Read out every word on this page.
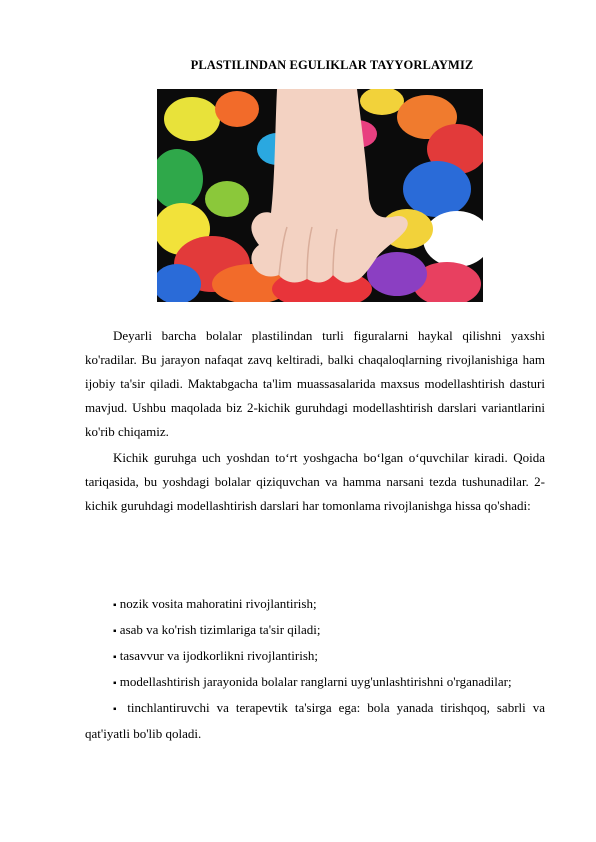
PLASTILINDAN EGULIKLAR TAYYORLAYMIZ

Deyarli barcha bolalar plastilindan turli figuralarni haykal qilishni yaxshi ko'radilar. Bu jarayon nafaqat zavq keltiradi, balki chaqaloqlarning rivojlanishiga ham ijobiy ta'sir qiladi. Maktabgacha ta'lim muassasalarida maxsus modellashtirish dasturi mavjud. Ushbu maqolada biz 2-kichik guruhdagi modellashtirish darslari variantlarini ko'rib chiqamiz.

Kichik guruhga uch yoshdan to‘rt yoshgacha bo‘lgan o‘quvchilar kiradi. Qoida tariqasida, bu yoshdagi bolalar qiziquvchan va hamma narsani tezda tushunadilar. 2-kichik guruhdagi modellashtirish darslari har tomonlama rivojlanishga hissa qo'shadi:

▪ nozik vosita mahoratini rivojlantirish;
▪ asab va ko'rish tizimlariga ta'sir qiladi;
▪ tasavvur va ijodkorlikni rivojlantirish;
▪ modellashtirish jarayonida bolalar ranglarni uyg'unlashtirishni o'rganadilar;
▪ tinchlantiruvchi va terapevtik ta'sirga ega: bola yanada tirishqoq, sabrli va qat'iyatli bo'lib qoladi.
